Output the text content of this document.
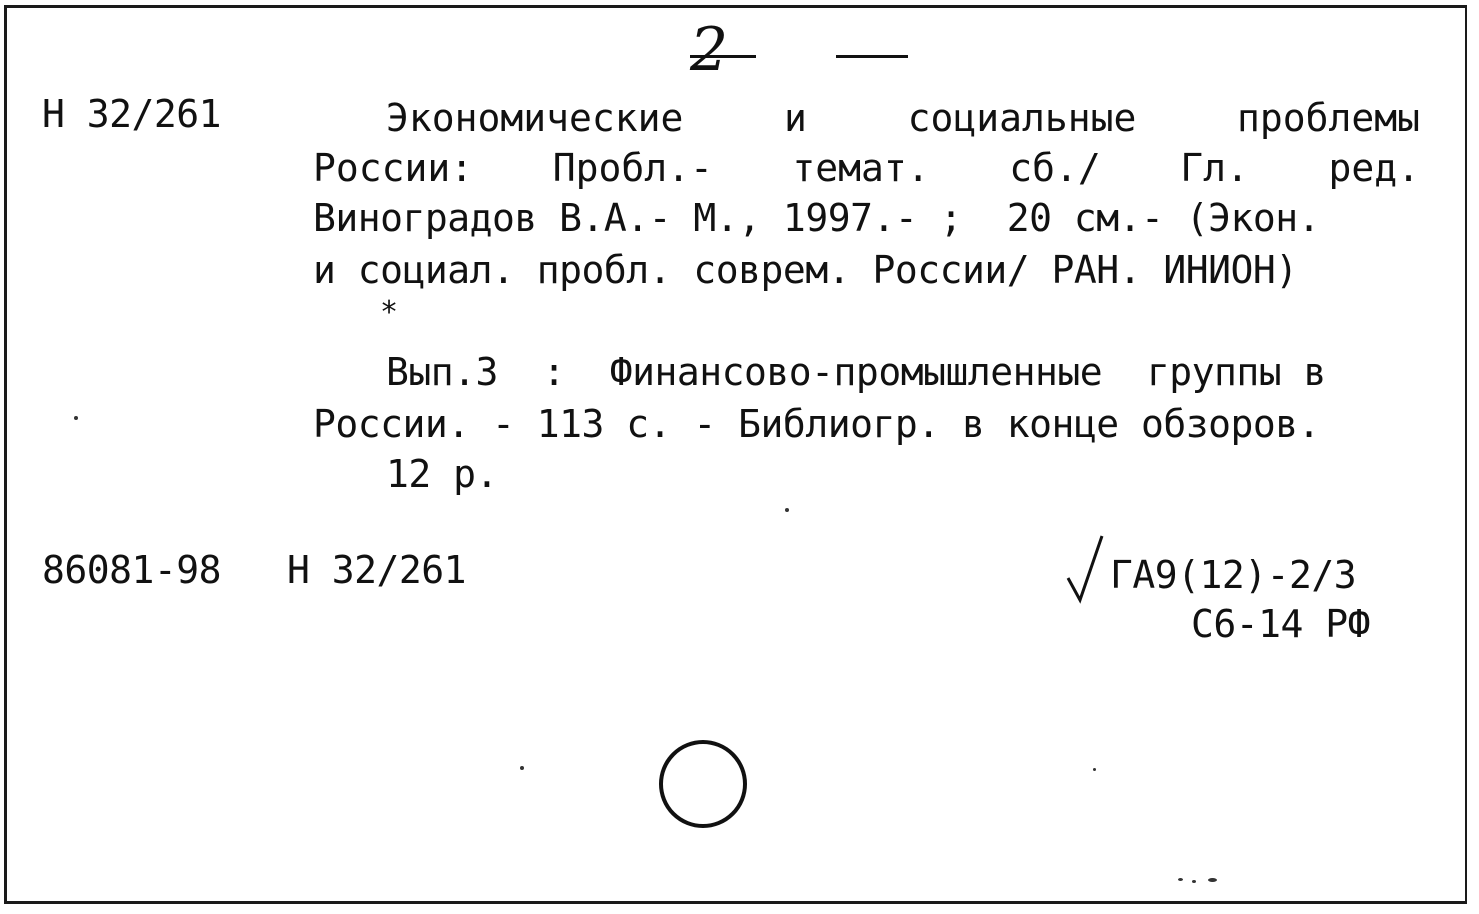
2
Н 32/261	Экономические	и	социальные	проблемы
России: Пробл.- темат. сб./ Гл. ред.
Виноградов В.А.- М., 1997.- ;  20 см.- (Экон.
и социал. пробл. соврем. России/ РАН. ИНИОН)
*
Вып.3  :  Финансово-промышленные  группы в
России. - 113 с. - Библиогр. в конце обзоров.
12 р.
86081-98 Н 32/261	ГА9(12)-2/3
С6-14 РФ
